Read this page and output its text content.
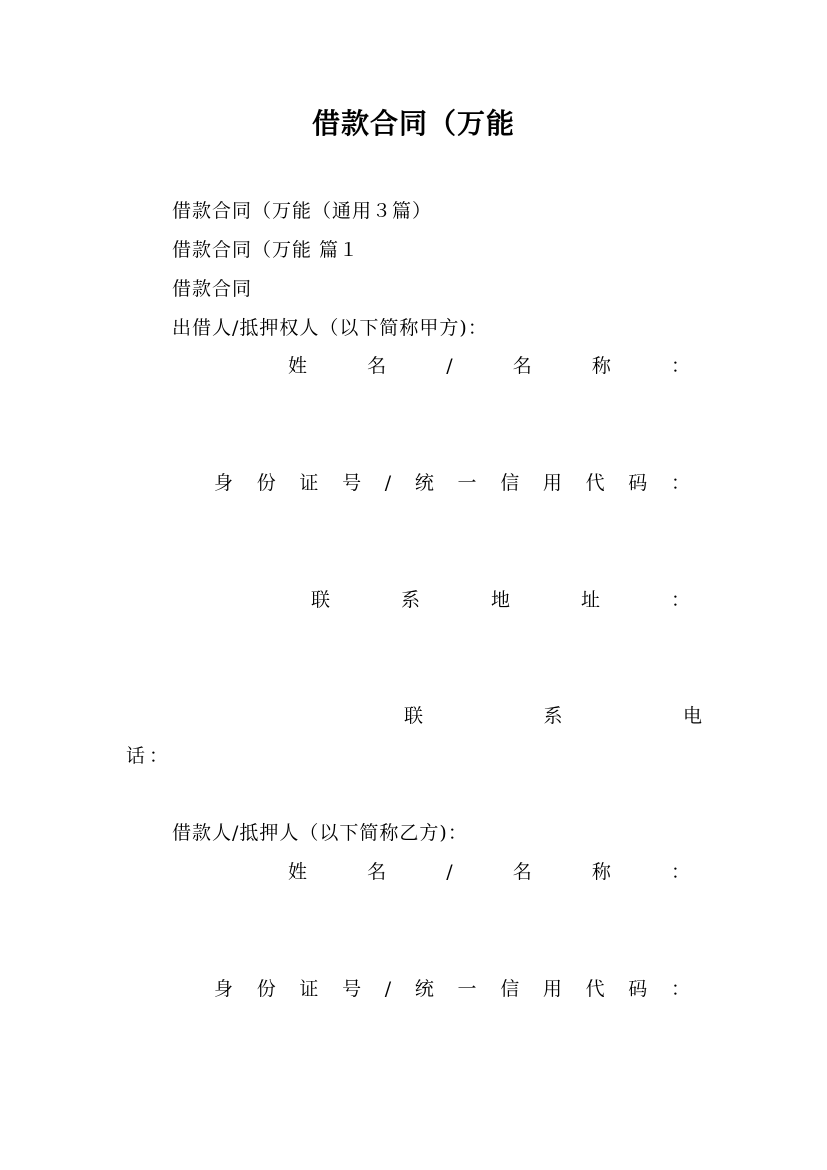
借款合同（万能
借款合同（万能（通用３篇）
借款合同（万能 篇１
借款合同
出借人/抵押权人（以下简称甲方)：
姓	名	/	名	称	：
身 份 证 号 / 统 一 信 用 代 码 ：
联	系	地	址	：
联	系	电
话：
借款人/抵押人（以下简称乙方)：
姓	名	/	名	称	：
身 份 证 号 / 统 一 信 用 代 码 ：
